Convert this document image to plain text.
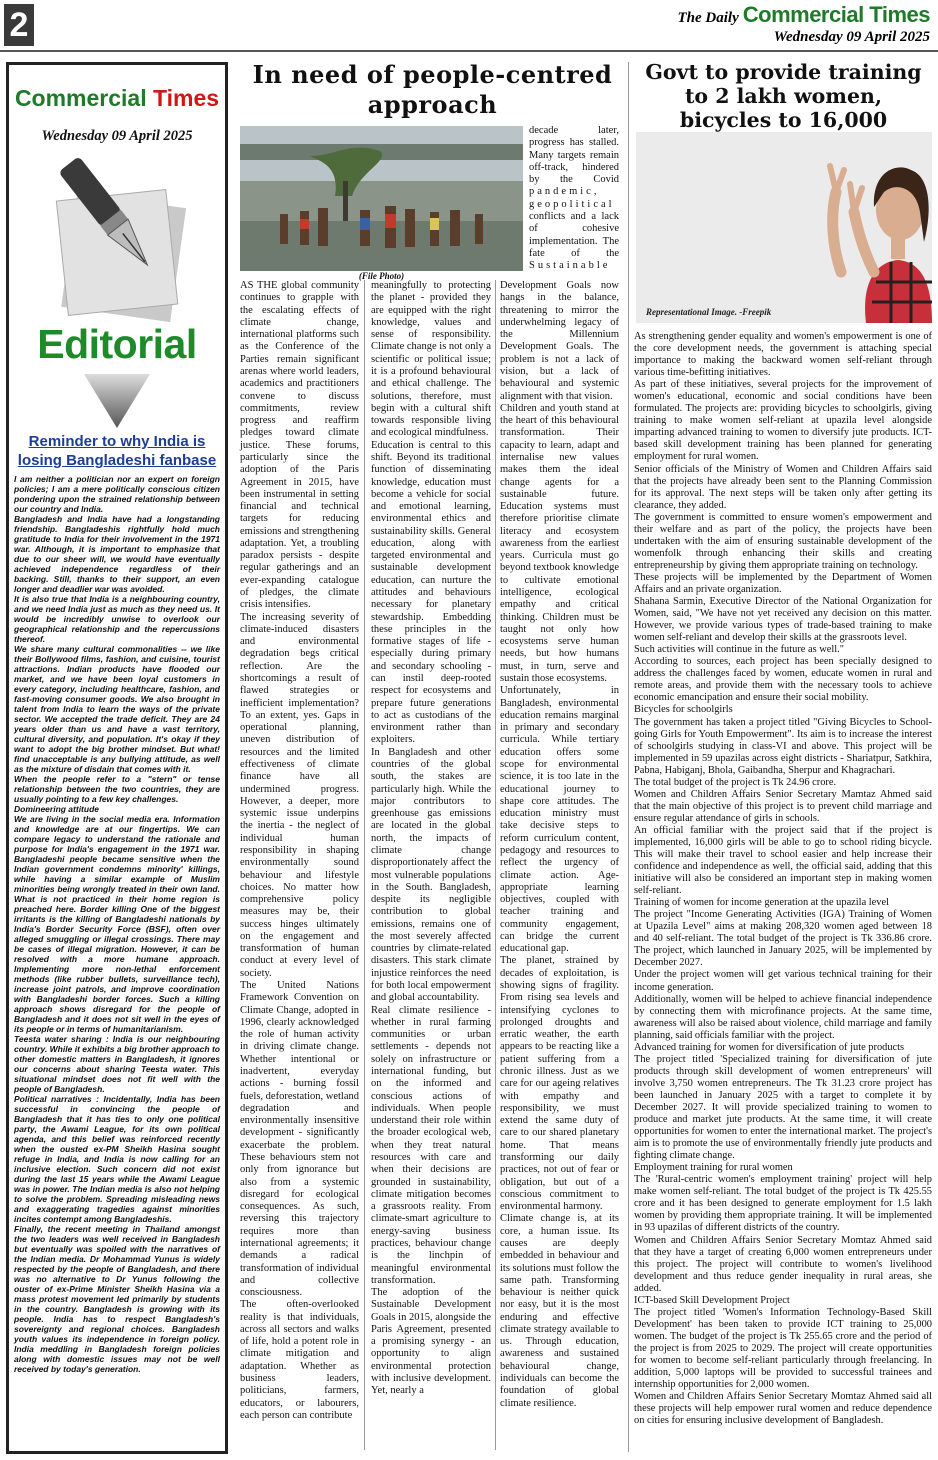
2	The Daily Commercial Times
Wednesday 09 April 2025
Commercial Times
Wednesday 09 April 2025
Editorial
Reminder to why India is
losing Bangladeshi fanbase

I am neither a politician nor an expert on foreign policies; I am a mere politically conscious citizen pondering upon the strained relationship between our country and India.

Bangladesh and India have had a longstanding friendship. Bangladeshis rightfully hold much gratitude to India for their involvement in the 1971 war. Although, it is important to emphasize that due to our sheer will, we would have eventually achieved independence regardless of their backing. Still, thanks to their support, an even longer and deadlier war was avoided.

It is also true that India is a neighbouring country, and we need India just as much as they need us. It would be incredibly unwise to overlook our geographical relationship and the repercussions thereof.

We share many cultural commonalities -- we like their Bollywood films, fashion, and cuisine, tourist attractions. Indian products have flooded our market, and we have been loyal customers in every category, including healthcare, fashion, and fast-moving consumer goods. We also brought in talent from India to learn the ways of the private sector. We accepted the trade deficit. They are 24 years older than us and have a vast territory, cultural diversity, and population. It's okay if they want to adopt the big brother mindset. But what! find unacceptable is any bullying attitude, as well as the mixture of disdain that comes with it.

When the people refer to a "stern" or tense relationship between the two countries, they are usually pointing to a few key challenges.

Domineering attitude

We are living in the social media era. Information and knowledge are at our fingertips. We can compare legacy to understand the rationale and purpose for India's engagement in the 1971 war. Bangladeshi people became sensitive when the Indian government condemns minority' killings, while having a similar example of Muslim minorities being wrongly treated in their own land. What is not practiced in their home region is preached here. Border killing One of the biggest irritants is the killing of Bangladeshi nationals by India's Border Security Force (BSF), often over alleged smuggling or illegal crossings. There may be cases of illegal migration. However, it can be resolved with a more humane approach. Implementing more non-lethal enforcement methods (like rubber bullets, surveillance tech), increase joint patrols, and improve coordination with Bangladeshi border forces. Such a killing approach shows disregard for the people of Bangladesh and it does not sit well in the eyes of its people or in terms of humanitarianism.

Teesta water sharing : India is our neighbouring country. While it exhibits a big brother approach to other domestic matters in Bangladesh, it ignores our concerns about sharing Teesta water. This situational mindset does not fit well with the people of Bangladesh.

Political narratives : Incidentally, India has been successful in convincing the people of Bangladesh that it has ties to only one political party, the Awami League, for its own political agenda, and this belief was reinforced recently when the ousted ex-PM Sheikh Hasina sought refuge in India, and India is now calling for an inclusive election. Such concern did not exist during the last 15 years while the Awami League was in power. The Indian media is also not helping to solve the problem. Spreading misleading news and exaggerating tragedies against minorities incites contempt among Bangladeshis.

Finally, the recent meeting in Thailand amongst the two leaders was well received in Bangladesh but eventually was spoiled with the narratives of the Indian media. Dr Mohammad Yunus is widely respected by the people of Bangladesh, and there was no alternative to Dr Yunus following the ouster of ex-Prime Minister Sheikh Hasina via a mass protest movement led primarily by students in the country. Bangladesh is growing with its people. India has to respect Bangladesh's sovereignty and regional choices. Bangladesh youth values its independence in foreign policy. India meddling in Bangladesh foreign policies along with domestic issues may not be well received by today's generation.

In need of people-centred approach
(File Photo)
decade later, progress has stalled. Many targets remain off-track, hindered by the Covid pandemic, geopolitical conflicts and a lack of cohesive implementation. The fate of the Sustainable

AS THE global community continues to grapple with the escalating effects of climate change, international platforms such as the Conference of the Parties remain significant arenas where world leaders, academics and practitioners convene to discuss commitments, review progress and reaffirm pledges toward climate justice. These forums, particularly since the adoption of the Paris Agreement in 2015, have been instrumental in setting financial and technical targets for reducing emissions and strengthening adaptation. Yet, a troubling paradox persists - despite regular gatherings and an ever-expanding catalogue of pledges, the climate crisis intensifies.

The increasing severity of climate-induced disasters and environmental degradation begs critical reflection. Are the shortcomings a result of flawed strategies or inefficient implementation? To an extent, yes. Gaps in operational planning, uneven distribution of resources and the limited effectiveness of climate finance have all undermined progress. However, a deeper, more systemic issue underpins the inertia - the neglect of individual human responsibility in shaping environmentally sound behaviour and lifestyle choices. No matter how comprehensive policy measures may be, their success hinges ultimately on the engagement and transformation of human conduct at every level of society.

The United Nations Framework Convention on Climate Change, adopted in 1996, clearly acknowledged the role of human activity in driving climate change. Whether intentional or inadvertent, everyday actions - burning fossil fuels, deforestation, wetland degradation and environmentally insensitive development - significantly exacerbate the problem. These behaviours stem not only from ignorance but also from a systemic disregard for ecological consequences. As such, reversing this trajectory requires more than international agreements; it demands a radical transformation of individual and collective consciousness.

The often-overlooked reality is that individuals, across all sectors and walks of life, hold a potent role in climate mitigation and adaptation. Whether as business leaders, politicians, farmers, educators, or labourers, each person can contribute

meaningfully to protecting the planet - provided they are equipped with the right knowledge, values and sense of responsibility. Climate change is not only a scientific or political issue; it is a profound behavioural and ethical challenge. The solutions, therefore, must begin with a cultural shift towards responsible living and ecological mindfulness.

Education is central to this shift. Beyond its traditional function of disseminating knowledge, education must become a vehicle for social and emotional learning, environmental ethics and sustainability skills. General education, along with targeted environmental and sustainable development education, can nurture the attitudes and behaviours necessary for planetary stewardship. Embedding these principles in the formative stages of life - especially during primary and secondary schooling - can instil deep-rooted respect for ecosystems and prepare future generations to act as custodians of the environment rather than exploiters.

In Bangladesh and other countries of the global south, the stakes are particularly high. While the major contributors to greenhouse gas emissions are located in the global north, the impacts of climate change disproportionately affect the most vulnerable populations in the South. Bangladesh, despite its negligible contribution to global emissions, remains one of the most severely affected countries by climate-related disasters. This stark climate injustice reinforces the need for both local empowerment and global accountability.

Real climate resilience - whether in rural farming communities or urban settlements - depends not solely on infrastructure or international funding, but on the informed and conscious actions of individuals. When people understand their role within the broader ecological web, when they treat natural resources with care and when their decisions are grounded in sustainability, climate mitigation becomes a grassroots reality. From climate-smart agriculture to energy-saving business practices, behaviour change is the linchpin of meaningful environmental transformation.

The adoption of the Sustainable Development Goals in 2015, alongside the Paris Agreement, presented a promising synergy - an opportunity to align environmental protection with inclusive development. Yet, nearly a

Development Goals now hangs in the balance, threatening to mirror the underwhelming legacy of the Millennium Development Goals. The problem is not a lack of vision, but a lack of behavioural and systemic alignment with that vision.

Children and youth stand at the heart of this behavioural transformation. Their capacity to learn, adapt and internalise new values makes them the ideal change agents for a sustainable future. Education systems must therefore prioritise climate literacy and ecosystem awareness from the earliest years. Curricula must go beyond textbook knowledge to cultivate emotional intelligence, ecological empathy and critical thinking. Children must be taught not only how ecosystems serve human needs, but how humans must, in turn, serve and sustain those ecosystems.

Unfortunately, in Bangladesh, environmental education remains marginal in primary and secondary curricula. While tertiary education offers some scope for environmental science, it is too late in the educational journey to shape core attitudes. The education ministry must take decisive steps to reform curriculum content, pedagogy and resources to reflect the urgency of climate action. Age-appropriate learning objectives, coupled with teacher training and community engagement, can bridge the current educational gap.

The planet, strained by decades of exploitation, is showing signs of fragility. From rising sea levels and intensifying cyclones to prolonged droughts and erratic weather, the earth appears to be reacting like a patient suffering from a chronic illness. Just as we care for our ageing relatives with empathy and responsibility, we must extend the same duty of care to our shared planetary home. That means transforming our daily practices, not out of fear or obligation, but out of a conscious commitment to environmental harmony.

Climate change is, at its core, a human issue. Its causes are deeply embedded in behaviour and its solutions must follow the same path. Transforming behaviour is neither quick nor easy, but it is the most enduring and effective climate strategy available to us. Through education, awareness and sustained behavioural change, individuals can become the foundation of global climate resilience.

Govt to provide training to 2 lakh women, bicycles to 16,000
Representational Image. -Freepik

As strengthening gender equality and women's empowerment is one of the core development needs, the government is attaching special importance to making the backward women self-reliant through various time-befitting initiatives.

As part of these initiatives, several projects for the improvement of women's educational, economic and social conditions have been formulated. The projects are: providing bicycles to schoolgirls, giving training to make women self-reliant at upazila level alongside imparting advanced training to women to diversify jute products. ICT-based skill development training has been planned for generating employment for rural women.

Senior officials of the Ministry of Women and Children Affairs said that the projects have already been sent to the Planning Commission for its approval. The next steps will be taken only after getting its clearance, they added.

The government is committed to ensure women's empowerment and their welfare and as part of the policy, the projects have been undertaken with the aim of ensuring sustainable development of the womenfolk through enhancing their skills and creating entrepreneurship by giving them appropriate training on technology.

These projects will be implemented by the Department of Women Affairs and an private organization.

Shahana Sarmin, Executive Director of the National Organization for Women, said, "We have not yet received any decision on this matter. However, we provide various types of trade-based training to make women self-reliant and develop their skills at the grassroots level.

Such activities will continue in the future as well."

According to sources, each project has been specially designed to address the challenges faced by women, educate women in rural and remote areas, and provide them with the necessary tools to achieve economic emancipation and ensure their social mobility.

Bicycles for schoolgirls

The government has taken a project titled "Giving Bicycles to School-going Girls for Youth Empowerment". Its aim is to increase the interest of schoolgirls studying in class-VI and above. This project will be implemented in 59 upazilas across eight districts - Shariatpur, Satkhira, Pabna, Habiganj, Bhola, Gaibandha, Sherpur and Khagrachari.

The total budget of the project is Tk 24.96 crore.

Women and Children Affairs Senior Secretary Mamtaz Ahmed said that the main objective of this project is to prevent child marriage and ensure regular attendance of girls in schools.

An official familiar with the project said that if the project is implemented, 16,000 girls will be able to go to school riding bicycle. This will make their travel to school easier and help increase their confidence and independence as well, the official said, adding that this initiative will also be considered an important step in making women self-reliant.

Training of women for income generation at the upazila level

The project "Income Generating Activities (IGA) Training of Women at Upazila Level" aims at making 208,320 women aged between 18 and 40 self-reliant. The total budget of the project is Tk 336.86 crore. The project, which launched in January 2025, will be implemented by December 2027.

Under the project women will get various technical training for their income generation.

Additionally, women will be helped to achieve financial independence by connecting them with microfinance projects. At the same time, awareness will also be raised about violence, child marriage and family planning, said officials familiar with the project.

Advanced training for women for diversification of jute products

The project titled 'Specialized training for diversification of jute products through skill development of women entrepreneurs' will involve 3,750 women entrepreneurs. The Tk 31.23 crore project has been launched in January 2025 with a target to complete it by December 2027. It will provide specialized training to women to produce and market jute products. At the same time, it will create opportunities for women to enter the international market. The project's aim is to promote the use of environmentally friendly jute products and fighting climate change.

Employment training for rural women

The 'Rural-centric women's employment training' project will help make women self-reliant. The total budget of the project is Tk 425.55 crore and it has been designed to generate employment for 1.5 lakh women by providing them appropriate training. It will be implemented in 93 upazilas of different districts of the country.

Women and Children Affairs Senior Secretary Momtaz Ahmed said that they have a target of creating 6,000 women entrepreneurs under this project. The project will contribute to women's livelihood development and thus reduce gender inequality in rural areas, she added.

ICT-based Skill Development Project

The project titled 'Women's Information Technology-Based Skill Development' has been taken to provide ICT training to 25,000 women. The budget of the project is Tk 255.65 crore and the period of the project is from 2025 to 2029. The project will create opportunities for women to become self-reliant particularly through freelancing. In addition, 5,000 laptops will be provided to successful trainees and internship opportunities for 2,000 women.

Women and Children Affairs Senior Secretary Momtaz Ahmed said all these projects will help empower rural women and reduce dependence on cities for ensuring inclusive development of Bangladesh.
